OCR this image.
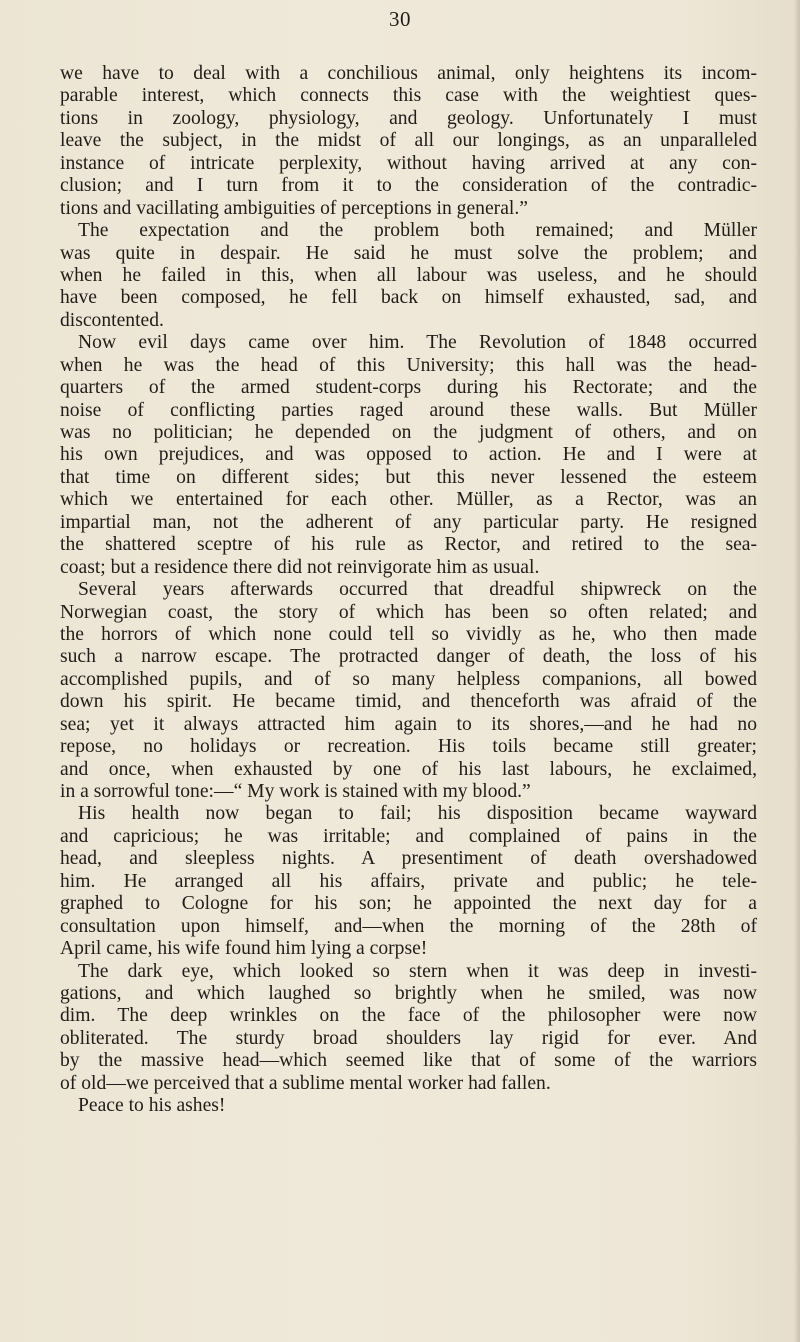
30
we have to deal with a conchilious animal, only heightens its incom-
parable interest, which connects this case with the weightiest ques-
tions in zoology, physiology, and geology. Unfortunately I must
leave the subject, in the midst of all our longings, as an unparalleled
instance of intricate perplexity, without having arrived at any con-
clusion; and I turn from it to the consideration of the contradic-
tions and vacillating ambiguities of perceptions in general.”
The expectation and the problem both remained; and Müller
was quite in despair. He said he must solve the problem; and
when he failed in this, when all labour was useless, and he should
have been composed, he fell back on himself exhausted, sad, and
discontented.
Now evil days came over him. The Revolution of 1848 occurred
when he was the head of this University; this hall was the head-
quarters of the armed student-corps during his Rectorate; and the
noise of conflicting parties raged around these walls. But Müller
was no politician; he depended on the judgment of others, and on
his own prejudices, and was opposed to action. He and I were at
that time on different sides; but this never lessened the esteem
which we entertained for each other. Müller, as a Rector, was an
impartial man, not the adherent of any particular party. He resigned
the shattered sceptre of his rule as Rector, and retired to the sea-
coast; but a residence there did not reinvigorate him as usual.
Several years afterwards occurred that dreadful shipwreck on the
Norwegian coast, the story of which has been so often related; and
the horrors of which none could tell so vividly as he, who then made
such a narrow escape. The protracted danger of death, the loss of his
accomplished pupils, and of so many helpless companions, all bowed
down his spirit. He became timid, and thenceforth was afraid of the
sea; yet it always attracted him again to its shores,—and he had no
repose, no holidays or recreation. His toils became still greater;
and once, when exhausted by one of his last labours, he exclaimed,
in a sorrowful tone:—“ My work is stained with my blood.”
His health now began to fail; his disposition became wayward
and capricious; he was irritable; and complained of pains in the
head, and sleepless nights. A presentiment of death overshadowed
him. He arranged all his affairs, private and public; he tele-
graphed to Cologne for his son; he appointed the next day for a
consultation upon himself, and—when the morning of the 28th of
April came, his wife found him lying a corpse!
The dark eye, which looked so stern when it was deep in investi-
gations, and which laughed so brightly when he smiled, was now
dim. The deep wrinkles on the face of the philosopher were now
obliterated. The sturdy broad shoulders lay rigid for ever. And
by the massive head—which seemed like that of some of the warriors
of old—we perceived that a sublime mental worker had fallen.
Peace to his ashes!
